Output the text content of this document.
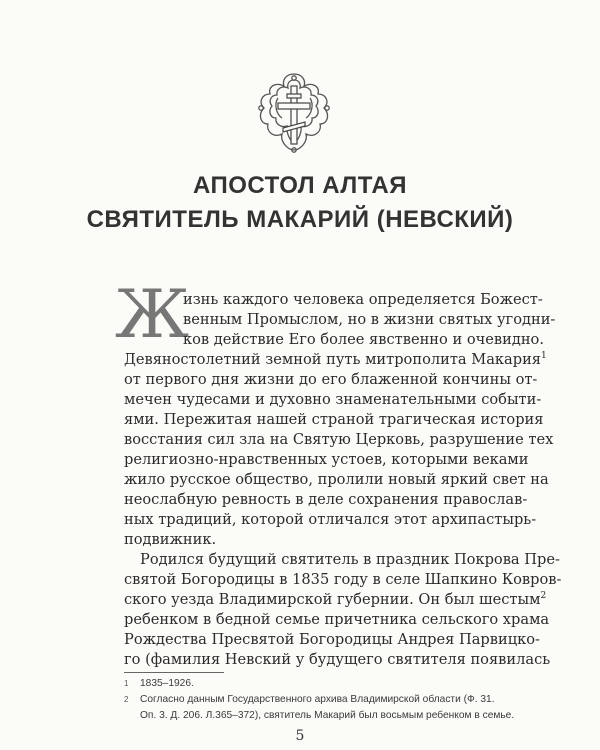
АПОСТОЛ АЛТАЯ
СВЯТИТЕЛЬ МАКАРИЙ (НЕВСКИЙ)
Ж
изнь каждого человека определяется Божест-
венным Промыслом, но в жизни святых угодни-
ков действие Его более явственно и очевидно.
Девяностолетний земной путь митрополита Макария$^1$
от первого дня жизни до его блаженной кончины от-
мечен чудесами и духовно знаменательными событи-
ями. Пережитая нашей страной трагическая история
восстания сил зла на Святую Церковь, разрушение тех
религиозно-нравственных устоев, которыми веками
жило русское общество, пролили новый яркий свет на
неослабную ревность в деле сохранения православ-
ных традиций, которой отличался этот архипастырь-
подвижник.
Родился будущий святитель в праздник Покрова Пре-
святой Богородицы в 1835 году в селе Шапкино Ковров-
ского уезда Владимирской губернии. Он был шестым$^2$
ребенком в бедной семье причетника сельского храма
Рождества Пресвятой Богородицы Андрея Парвицко-
го (фамилия Невский у будущего святителя появилась
1 1835–1926.
2 Согласно данным Государственного архива Владимирской области (Ф. 31.
Оп. 3. Д. 206. Л.365–372), святитель Макарий был восьмым ребенком в семье.
5
